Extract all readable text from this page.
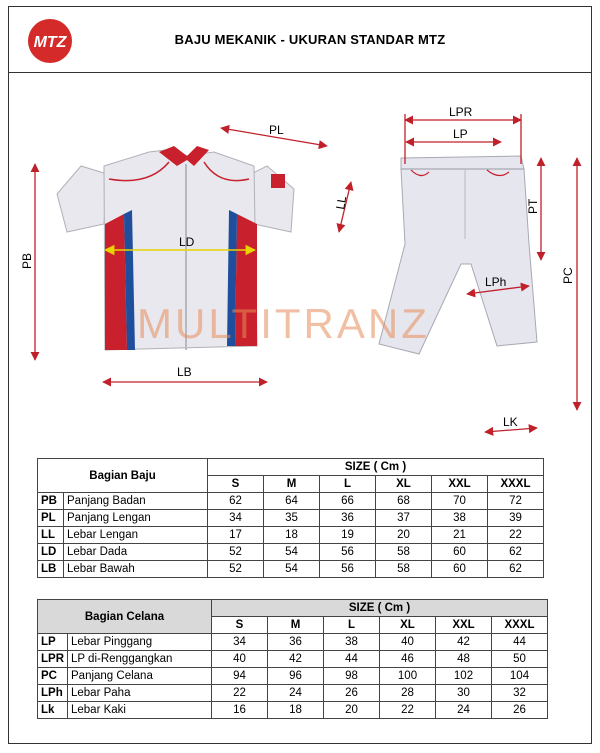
MTZ	BAJU MEKANIK - UKURAN STANDAR MTZ
PL
LL
PB
LD
LB
LPR
LP
PT
PC
LPh
LK
MULTITRANZ
Bagian Baju		SIZE ( Cm )					
		S	M	L	XL	XXL	XXXL
PB	Panjang Badan	62	64	66	68	70	72
PL	Panjang Lengan	34	35	36	37	38	39
LL	Lebar Lengan	17	18	19	20	21	22
LD	Lebar Dada	52	54	56	58	60	62
LB	Lebar Bawah	52	54	56	58	60	62
Bagian Celana		SIZE ( Cm )					
		S	M	L	XL	XXL	XXXL
LP	Lebar Pinggang	34	36	38	40	42	44
LPR	LP di-Renggangkan	40	42	44	46	48	50
PC	Panjang Celana	94	96	98	100	102	104
LPh	Lebar Paha	22	24	26	28	30	32
Lk	Lebar Kaki	16	18	20	22	24	26
